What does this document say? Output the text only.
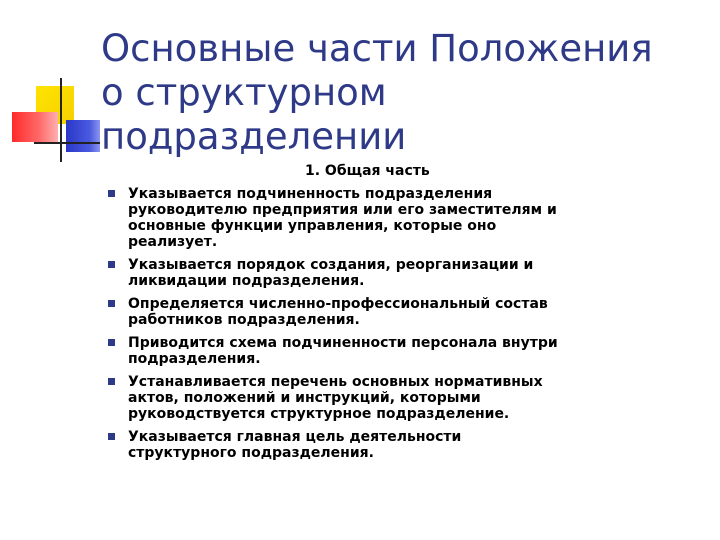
Основные части Положения
о структурном
подразделении
1. Общая часть
Указывается подчиненность подразделения
руководителю предприятия или его заместителям и
основные функции управления, которые оно
реализует.
Указывается порядок создания, реорганизации и
ликвидации подразделения.
Определяется численно-профессиональный состав
работников подразделения.
Приводится схема подчиненности персонала внутри
подразделения.
Устанавливается перечень основных нормативных
актов, положений и инструкций, которыми
руководствуется структурное подразделение.
Указывается главная цель деятельности
структурного подразделения.
